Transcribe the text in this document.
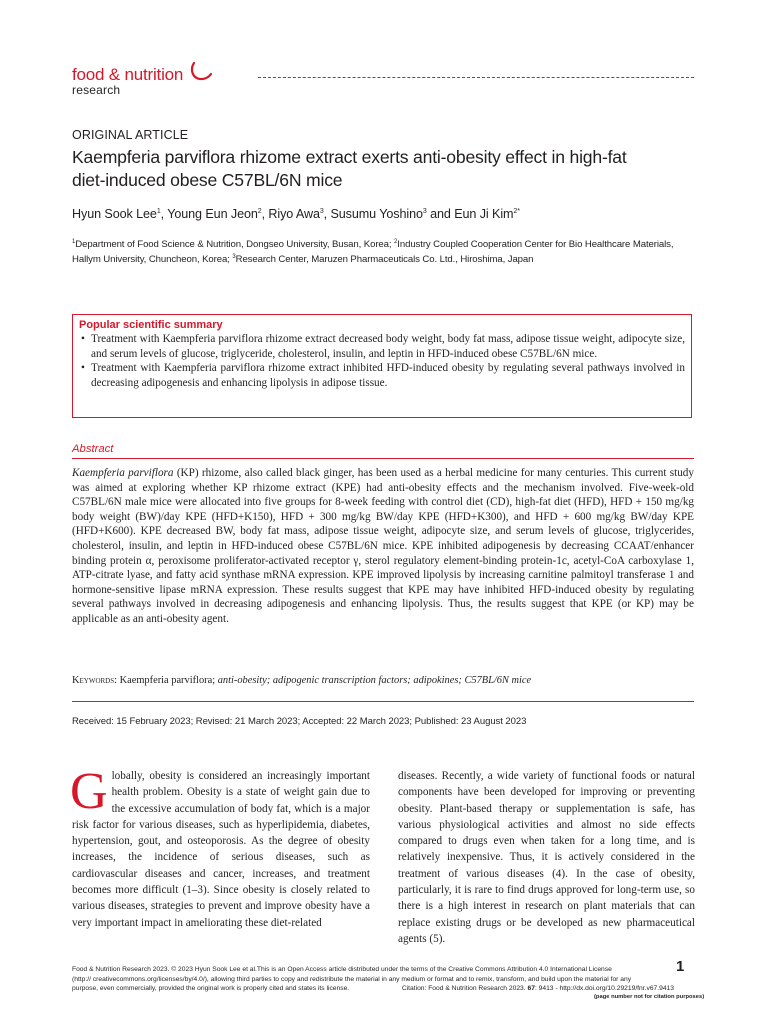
food & nutrition
research
ORIGINAL ARTICLE
Kaempferia parviflora rhizome extract exerts anti-obesity effect in high-fat diet-induced obese C57BL/6N mice
Hyun Sook Lee$^1$, Young Eun Jeon$^2$, Riyo Awa$^3$, Susumu Yoshino$^3$ and Eun Ji Kim$^{2*}$
$^1$Department of Food Science & Nutrition, Dongseo University, Busan, Korea; $^2$Industry Coupled Cooperation Center for Bio Healthcare Materials, Hallym University, Chuncheon, Korea; $^3$Research Center, Maruzen Pharmaceuticals Co. Ltd., Hiroshima, Japan
Popular scientific summary

• Treatment with Kaempferia parviflora rhizome extract decreased body weight, body fat mass, adipose tissue weight, adipocyte size, and serum levels of glucose, triglyceride, cholesterol, insulin, and leptin in HFD-induced obese C57BL/6N mice.

• Treatment with Kaempferia parviflora rhizome extract inhibited HFD-induced obesity by regulating several pathways involved in decreasing adipogenesis and enhancing lipolysis in adipose tissue.

Abstract

Kaempferia parviflora (KP) rhizome, also called black ginger, has been used as a herbal medicine for many centuries. This current study was aimed at exploring whether KP rhizome extract (KPE) had anti-obesity effects and the mechanism involved. Five-week-old C57BL/6N male mice were allocated into five groups for 8-week feeding with control diet (CD), high-fat diet (HFD), HFD + 150 mg/kg body weight (BW)/day KPE (HFD+K150), HFD + 300 mg/kg BW/day KPE (HFD+K300), and HFD + 600 mg/kg BW/day KPE (HFD+K600). KPE decreased BW, body fat mass, adipose tissue weight, adipocyte size, and serum levels of glucose, triglycerides, cholesterol, insulin, and leptin in HFD-induced obese C57BL/6N mice. KPE inhibited adipogenesis by decreasing CCAAT/enhancer binding protein α, peroxisome proliferator-activated receptor γ, sterol regulatory element-binding protein-1c, acetyl-CoA carboxylase 1, ATP-citrate lyase, and fatty acid synthase mRNA expression. KPE improved lipolysis by increasing carnitine palmitoyl transferase 1 and hormone-sensitive lipase mRNA expression. These results suggest that KPE may have inhibited HFD-induced obesity by regulating several pathways involved in decreasing adipogenesis and enhancing lipolysis. Thus, the results suggest that KPE (or KP) may be applicable as an anti-obesity agent.

Keywords: Kaempferia parviflora; anti-obesity; adipogenic transcription factors; adipokines; C57BL/6N mice

Received: 15 February 2023; Revised: 21 March 2023; Accepted: 22 March 2023; Published: 23 August 2023

Globally, obesity is considered an increasingly important health problem. Obesity is a state of weight gain due to the excessive accumulation of body fat, which is a major risk factor for various diseases, such as hyperlipidemia, diabetes, hypertension, gout, and osteoporosis. As the degree of obesity increases, the incidence of serious diseases, such as cardiovascular diseases and cancer, increases, and treatment becomes more difficult (1–3). Since obesity is closely related to various diseases, strategies to prevent and improve obesity have a very important impact in ameliorating these diet-related

diseases. Recently, a wide variety of functional foods or natural components have been developed for improving or preventing obesity. Plant-based therapy or supplementation is safe, has various physiological activities and almost no side effects compared to drugs even when taken for a long time, and is relatively inexpensive. Thus, it is actively considered in the treatment of various diseases (4). In the case of obesity, particularly, it is rare to find drugs approved for long-term use, so there is a high interest in research on plant materials that can replace existing drugs or be developed as new pharmaceutical agents (5).

Food & Nutrition Research 2023. © 2023 Hyun Sook Lee et al.This is an Open Access article distributed under the terms of the Creative Commons Attribution 4.0 International License (http:// creativecommons.org/licenses/by/4.0/), allowing third parties to copy and redistribute the material in any medium or format and to remix, transform, and build upon the material for any purpose, even commercially, provided the original work is properly cited and states its license.	Citation: Food & Nutrition Research 2023. 67: 9413 - http://dx.doi.org/10.29219/fnr.v67.9413
1
(page number not for citation purposes)
